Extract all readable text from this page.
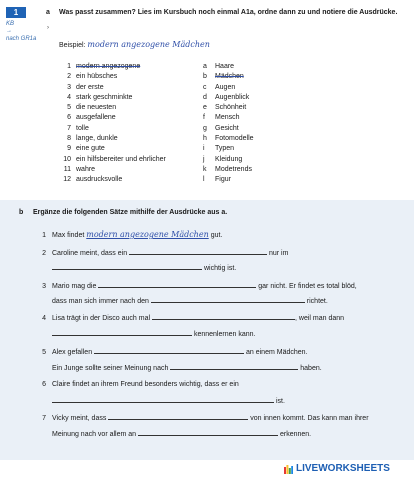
1
KB
→
nach GR1a
a
›
Was passt zusammen? Lies im Kursbuch noch einmal A1a, ordne dann zu und notiere die Ausdrücke.
Beispiel: modern angezogene Mädchen
1 modern angezogene
2 ein hübsches
3 der erste
4 stark geschminkte
5 die neuesten
6 ausgefallene
7 tolle
8 lange, dunkle
9 eine gute
10 ein hilfsbereiter und ehrlicher
11 wahre
12 ausdrucksvolle
a	Haare
b	Mädchen
c	Augen
d	Augenblick
e	Schönheit
f	Mensch
g	Gesicht
h	Fotomodelle
i	Typen
j	Kleidung
k	Modetrends
l	Figur
b Ergänze die folgenden Sätze mithilfe der Ausdrücke aus a.
1 Max findet modern angezogene Mädchen gut.
2 Caroline meint, dass ein	nur im
wichtig ist.
3 Mario mag die	gar nicht. Er findet es total blöd,
dass man sich immer nach den	richtet.
4 Lisa trägt in der Disco auch mal	, weil man dann
kennenlernen kann.
5 Alex gefallen	an einem Mädchen.
Ein Junge sollte seiner Meinung nach	haben.
6 Claire findet an ihrem Freund besonders wichtig, dass er ein
ist.
7 Vicky meint, dass	von innen kommt. Das kann man ihrer
Meinung nach vor allem an	erkennen.
LIVEWORKSHEETS
